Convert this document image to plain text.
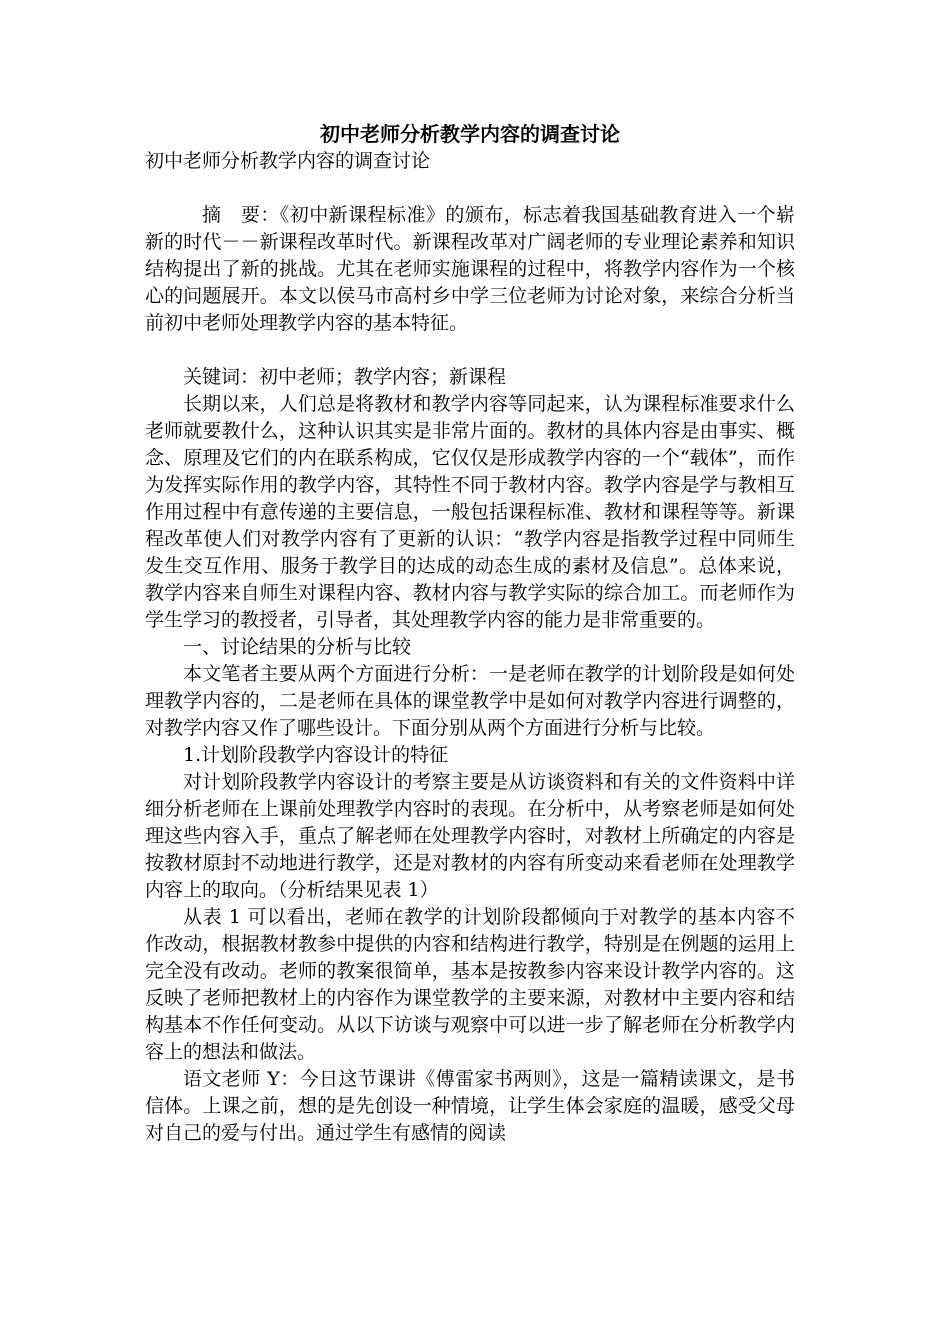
初中老师分析教学内容的调查讨论
初中老师分析教学内容的调查讨论

摘　要：《初中新课程标准》的颁布，标志着我国基础教育进入一个崭新的时代－－新课程改革时代。新课程改革对广阔老师的专业理论素养和知识结构提出了新的挑战。尤其在老师实施课程的过程中，将教学内容作为一个核心的问题展开。本文以侯马市高村乡中学三位老师为讨论对象，来综合分析当前初中老师处理教学内容的基本特征。

关键词：初中老师；教学内容；新课程

长期以来，人们总是将教材和教学内容等同起来，认为课程标准要求什么老师就要教什么，这种认识其实是非常片面的。教材的具体内容是由事实、概念、原理及它们的内在联系构成，它仅仅是形成教学内容的一个“载体”，而作为发挥实际作用的教学内容，其特性不同于教材内容。教学内容是学与教相互作用过程中有意传递的主要信息，一般包括课程标准、教材和课程等等。新课程改革使人们对教学内容有了更新的认识：“教学内容是指教学过程中同师生发生交互作用、服务于教学目的达成的动态生成的素材及信息”。总体来说，教学内容来自师生对课程内容、教材内容与教学实际的综合加工。而老师作为学生学习的教授者，引导者，其处理教学内容的能力是非常重要的。

一、讨论结果的分析与比较

本文笔者主要从两个方面进行分析：一是老师在教学的计划阶段是如何处理教学内容的，二是老师在具体的课堂教学中是如何对教学内容进行调整的，对教学内容又作了哪些设计。下面分别从两个方面进行分析与比较。

1.计划阶段教学内容设计的特征

对计划阶段教学内容设计的考察主要是从访谈资料和有关的文件资料中详细分析老师在上课前处理教学内容时的表现。在分析中，从考察老师是如何处理这些内容入手，重点了解老师在处理教学内容时，对教材上所确定的内容是按教材原封不动地进行教学，还是对教材的内容有所变动来看老师在处理教学内容上的取向。（分析结果见表 1）

从表 1 可以看出，老师在教学的计划阶段都倾向于对教学的基本内容不作改动，根据教材教参中提供的内容和结构进行教学，特别是在例题的运用上完全没有改动。老师的教案很简单，基本是按教参内容来设计教学内容的。这反映了老师把教材上的内容作为课堂教学的主要来源，对教材中主要内容和结构基本不作任何变动。从以下访谈与观察中可以进一步了解老师在分析教学内容上的想法和做法。

语文老师 Y：今日这节课讲《傅雷家书两则》，这是一篇精读课文，是书信体。上课之前，想的是先创设一种情境，让学生体会家庭的温暖，感受父母对自己的爱与付出。通过学生有感情的阅读
